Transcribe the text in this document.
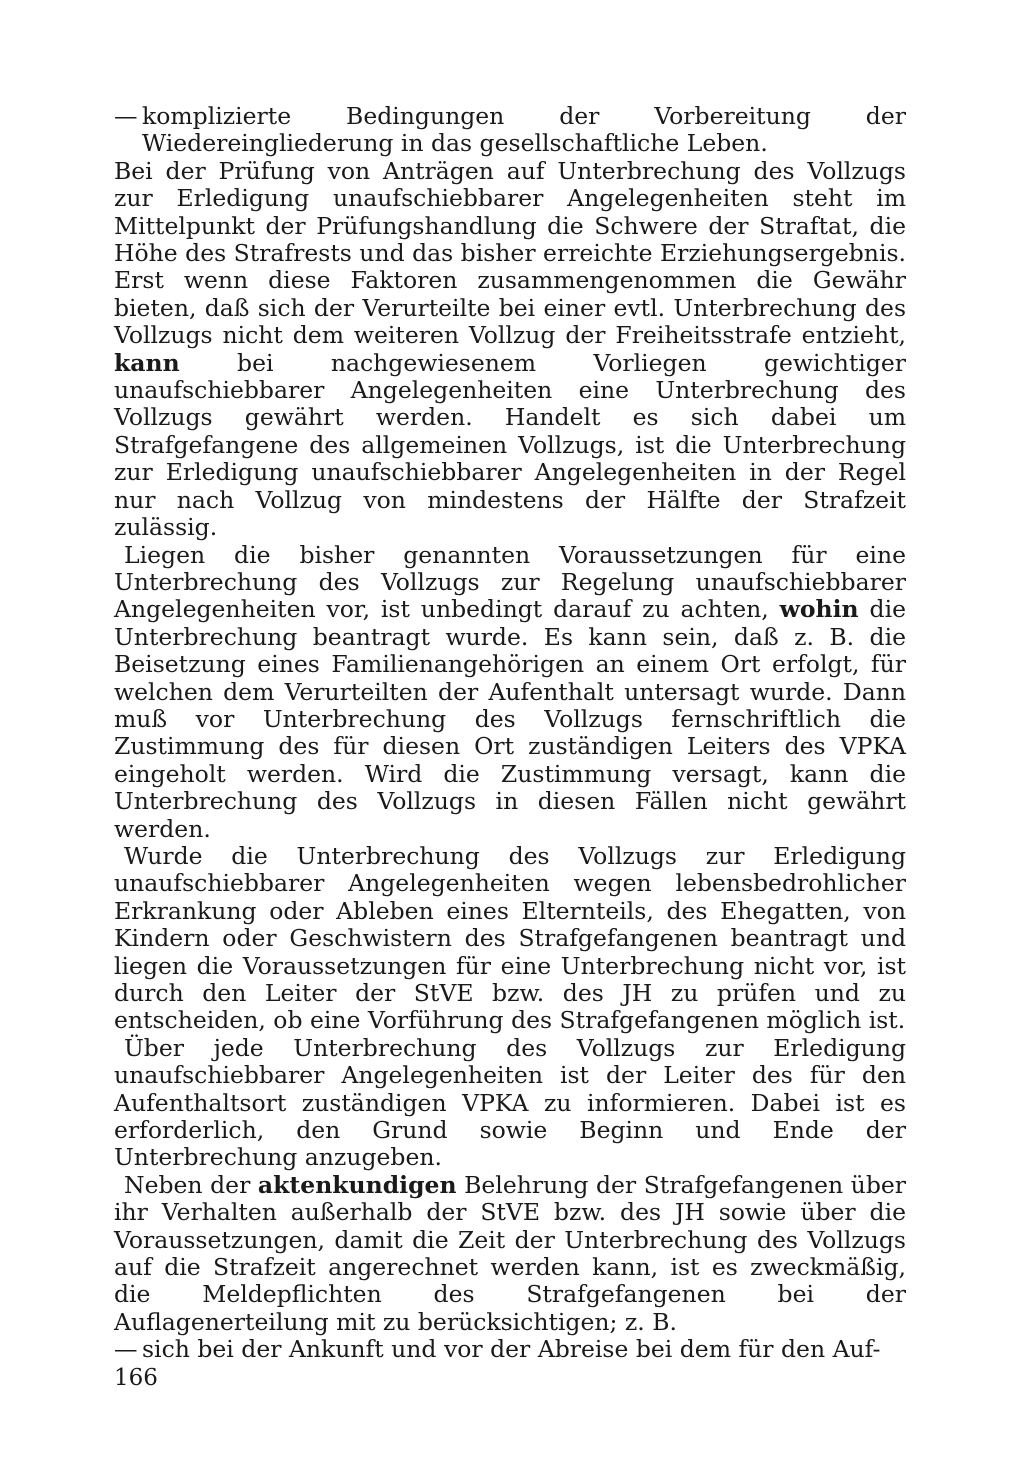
— komplizierte Bedingungen der Vorbereitung der Wiedereingliederung in das gesellschaftliche Leben.

Bei der Prüfung von Anträgen auf Unterbrechung des Vollzugs zur Erledigung unaufschiebbarer Angelegenheiten steht im Mittelpunkt der Prüfungshandlung die Schwere der Straftat, die Höhe des Strafrests und das bisher erreichte Erziehungsergebnis. Erst wenn diese Faktoren zusammengenommen die Gewähr bieten, daß sich der Verurteilte bei einer evtl. Unterbrechung des Vollzugs nicht dem weiteren Vollzug der Freiheitsstrafe entzieht, kann bei nachgewiesenem Vorliegen gewichtiger unaufschiebbarer Angelegenheiten eine Unterbrechung des Vollzugs gewährt werden. Handelt es sich dabei um Strafgefangene des allgemeinen Vollzugs, ist die Unterbrechung zur Erledigung unaufschiebbarer Angelegenheiten in der Regel nur nach Vollzug von mindestens der Hälfte der Strafzeit zulässig.

Liegen die bisher genannten Voraussetzungen für eine Unterbrechung des Vollzugs zur Regelung unaufschiebbarer Angelegenheiten vor, ist unbedingt darauf zu achten, wohin die Unterbrechung beantragt wurde. Es kann sein, daß z. B. die Beisetzung eines Familienangehörigen an einem Ort erfolgt, für welchen dem Verurteilten der Aufenthalt untersagt wurde. Dann muß vor Unterbrechung des Vollzugs fernschriftlich die Zustimmung des für diesen Ort zuständigen Leiters des VPKA eingeholt werden. Wird die Zustimmung versagt, kann die Unterbrechung des Vollzugs in diesen Fällen nicht gewährt werden.

Wurde die Unterbrechung des Vollzugs zur Erledigung unaufschiebbarer Angelegenheiten wegen lebensbedrohlicher Erkrankung oder Ableben eines Elternteils, des Ehegatten, von Kindern oder Geschwistern des Strafgefangenen beantragt und liegen die Voraussetzungen für eine Unterbrechung nicht vor, ist durch den Leiter der StVE bzw. des JH zu prüfen und zu entscheiden, ob eine Vorführung des Strafgefangenen möglich ist.

Über jede Unterbrechung des Vollzugs zur Erledigung unaufschiebbarer Angelegenheiten ist der Leiter des für den Aufenthaltsort zuständigen VPKA zu informieren. Dabei ist es erforderlich, den Grund sowie Beginn und Ende der Unterbrechung anzugeben.

Neben der aktenkundigen Belehrung der Strafgefangenen über ihr Verhalten außerhalb der StVE bzw. des JH sowie über die Voraussetzungen, damit die Zeit der Unterbrechung des Vollzugs auf die Strafzeit angerechnet werden kann, ist es zweckmäßig, die Meldepflichten des Strafgefangenen bei der Auflagenerteilung mit zu berücksichtigen; z. B.

— sich bei der Ankunft und vor der Abreise bei dem für den Auf-

166
